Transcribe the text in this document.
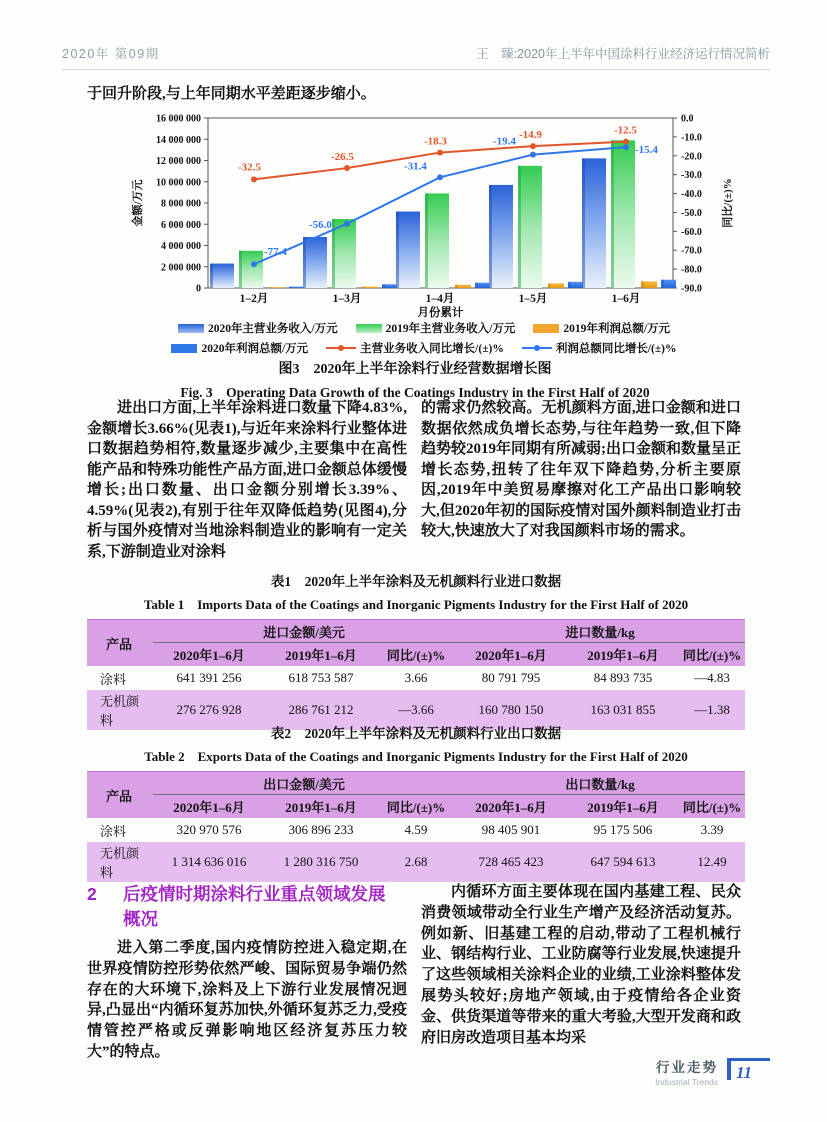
2020年 第09期	王　臻:2020年上半年中国涂料行业经济运行情况简析
于回升阶段,与上年同期水平差距逐步缩小。
0
2 000 000
4 000 000
6 000 000
8 000 000
10 000 000
12 000 000
14 000 000
16 000 000	0.0
-10.0
-20.0
-30.0
-40.0
-50.0
-60.0
-70.0
-80.0
-90.0
1–2月	1–3月	1–4月	1–5月	1–6月
月份累计
金额/万元	同比/(±)%
-32.5
-26.5
-18.3
-14.9	-12.5
-77.4
-56.0
-31.4
-19.4
-15.4
2020年主营业务收入/万元	2019年主营业务收入/万元	2019年利润总额/万元
2020年利润总额/万元	主营业务收入同比增长/(±)%	利润总额同比增长/(±)%
图3　2020年上半年涂料行业经营数据增长图
Fig. 3　Operating Data Growth of the Coatings Industry in the First Half of 2020
进出口方面,上半年涂料进口数量下降4.83%,金额增长3.66%(见表1),与近年来涂料行业整体进口数据趋势相符,数量逐步减少,主要集中在高性能产品和特殊功能性产品方面,进口金额总体缓慢增长;出口数量、出口金额分别增长3.39%、4.59%(见表2),有别于往年双降低趋势(见图4),分析与国外疫情对当地涂料制造业的影响有一定关系,下游制造业对涂料
的需求仍然较高。无机颜料方面,进口金额和进口数据依然成负增长态势,与往年趋势一致,但下降趋势较2019年同期有所减弱;出口金额和数量呈正增长态势,扭转了往年双下降趋势,分析主要原因,2019年中美贸易摩擦对化工产品出口影响较大,但2020年初的国际疫情对国外颜料制造业打击较大,快速放大了对我国颜料市场的需求。
表1　2020年上半年涂料及无机颜料行业进口数据
Table 1　Imports Data of the Coatings and Inorganic Pigments Industry for the First Half of 2020
产品	进口金额/美元			进口数量/kg		
	2020年1–6月	2019年1–6月	同比/(±)%	2020年1–6月	2019年1–6月	同比/(±)%
涂料	641 391 256	618 753 587	3.66	80 791 795	84 893 735	—4.83
无机颜料	276 276 928	286 761 212	—3.66	160 780 150	163 031 855	—1.38
表2　2020年上半年涂料及无机颜料行业出口数据
Table 2　Exports Data of the Coatings and Inorganic Pigments Industry for the First Half of 2020
产品	出口金额/美元			出口数量/kg		
	2020年1–6月	2019年1–6月	同比/(±)%	2020年1–6月	2019年1–6月	同比/(±)%
涂料	320 970 576	306 896 233	4.59	98 405 901	95 175 506	3.39
无机颜料	1 314 636 016	1 280 316 750	2.68	728 465 423	647 594 613	12.49
2	后疫情时期涂料行业重点领域发展概况
进入第二季度,国内疫情防控进入稳定期,在世界疫情防控形势依然严峻、国际贸易争端仍然存在的大环境下,涂料及上下游行业发展情况迥异,凸显出“内循环复苏加快,外循环复苏乏力,受疫情管控严格或反弹影响地区经济复苏压力较大”的特点。
内循环方面主要体现在国内基建工程、民众消费领域带动全行业生产增产及经济活动复苏。例如新、旧基建工程的启动,带动了工程机械行业、钢结构行业、工业防腐等行业发展,快速提升了这些领域相关涂料企业的业绩,工业涂料整体发展势头较好;房地产领域,由于疫情给各企业资金、供货渠道等带来的重大考验,大型开发商和政府旧房改造项目基本均采
行业走势
Industrial Trends	11
